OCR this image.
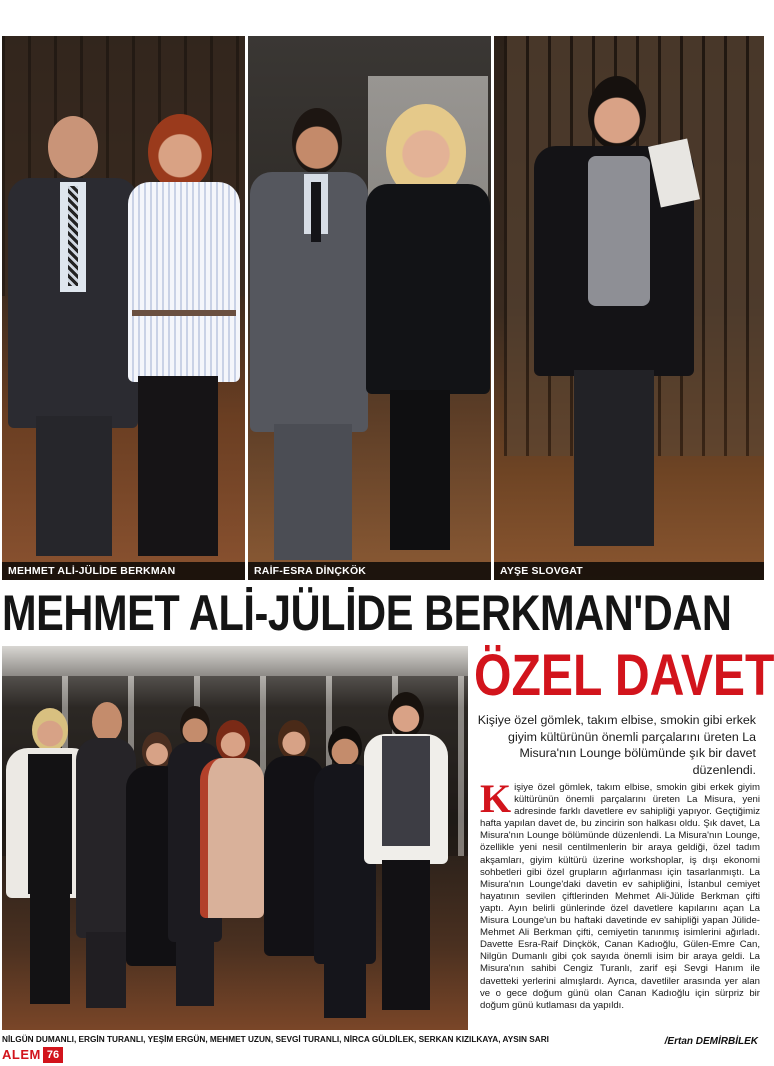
MEHMET ALİ-JÜLİDE BERKMAN	RAİF-ESRA DİNÇKÖK	AYŞE SLOVGAT
MEHMET ALİ-JÜLİDE BERKMAN'DAN
ÖZEL DAVET

Kişiye özel gömlek, takım elbise, smokin gibi erkek giyim kültürünün önemli parçalarını üreten La Misura'nın Lounge bölümünde şık bir davet düzenlendi.

Kişiye özel gömlek, takım elbise, smokin gibi erkek giyim kültürünün önemli parçalarını üreten La Misura, yeni adresinde farklı davetlere ev sahipliği yapıyor. Geçtiğimiz hafta yapılan davet de, bu zincirin son halkası oldu. Şık davet, La Misura'nın Lounge bölümünde düzenlendi. La Misura'nın Lounge, özellikle yeni nesil centilmenlerin bir araya geldiği, özel tadım akşamları, giyim kültürü üzerine workshoplar, iş dışı ekonomi sohbetleri gibi özel grupların ağırlanması için tasarlanmıştı. La Misura'nın Lounge'daki davetin ev sahipliğini, İstanbul cemiyet hayatının sevilen çiftlerinden Mehmet Ali-Jülide Berkman çifti yaptı. Ayın belirli günlerinde özel davetlere kapılarını açan La Misura Lounge'un bu haftaki davetinde ev sahipliği yapan Jülide-Mehmet Ali Berkman çifti, cemiyetin tanınmış isimlerini ağırladı. Davette Esra-Raif Dinçkök, Canan Kadıoğlu, Gülen-Emre Can, Nilgün Dumanlı gibi çok sayıda önemli isim bir araya geldi. La Misura'nın sahibi Cengiz Turanlı, zarif eşi Sevgi Hanım ile davetteki yerlerini almışlardı. Ayrıca, davetliler arasında yer alan ve o gece doğum günü olan Canan Kadıoğlu için sürpriz bir doğum günü kutlaması da yapıldı.
/Ertan DEMİRBİLEK
NİLGÜN DUMANLI, ERGİN TURANLI, YEŞİM ERGÜN, MEHMET UZUN, SEVGİ TURANLI, NİRCA GÜLDİLEK, SERKAN KIZILKAYA, AYSIN SARI
ALEM 76
